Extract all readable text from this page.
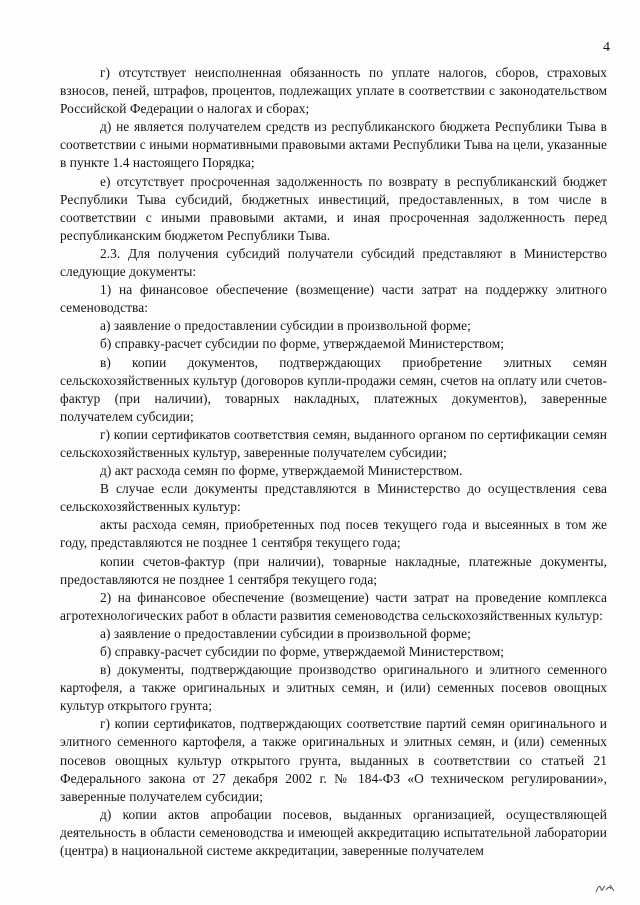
4

г) отсутствует неисполненная обязанность по уплате налогов, сборов, страховых взносов, пеней, штрафов, процентов, подлежащих уплате в соответствии с законодательством Российской Федерации о налогах и сборах;

д) не является получателем средств из республиканского бюджета Республики Тыва в соответствии с иными нормативными правовыми актами Республики Тыва на цели, указанные в пункте 1.4 настоящего Порядка;

е) отсутствует просроченная задолженность по возврату в республиканский бюджет Республики Тыва субсидий, бюджетных инвестиций, предоставленных, в том числе в соответствии с иными правовыми актами, и иная просроченная задолженность перед республиканским бюджетом Республики Тыва.

2.3. Для получения субсидий получатели субсидий представляют в Министерство следующие документы:

1) на финансовое обеспечение (возмещение) части затрат на поддержку элитного семеноводства:

а) заявление о предоставлении субсидии в произвольной форме;

б) справку-расчет субсидии по форме, утверждаемой Министерством;

в) копии документов, подтверждающих приобретение элитных семян сельскохозяйственных культур (договоров купли-продажи семян, счетов на оплату или счетов-фактур (при наличии), товарных накладных, платежных документов), заверенные получателем субсидии;

г) копии сертификатов соответствия семян, выданного органом по сертификации семян сельскохозяйственных культур, заверенные получателем субсидии;

д) акт расхода семян по форме, утверждаемой Министерством.

В случае если документы представляются в Министерство до осуществления сева сельскохозяйственных культур:

акты расхода семян, приобретенных под посев текущего года и высеянных в том же году, представляются не позднее 1 сентября текущего года;

копии счетов-фактур (при наличии), товарные накладные, платежные документы, предоставляются не позднее 1 сентября текущего года;

2) на финансовое обеспечение (возмещение) части затрат на проведение комплекса агротехнологических работ в области развития семеноводства сельскохозяйственных культур:

а) заявление о предоставлении субсидии в произвольной форме;

б) справку-расчет субсидии по форме, утверждаемой Министерством;

в) документы, подтверждающие производство оригинального и элитного семенного картофеля, а также оригинальных и элитных семян, и (или) семенных посевов овощных культур открытого грунта;

г) копии сертификатов, подтверждающих соответствие партий семян оригинального и элитного семенного картофеля, а также оригинальных и элитных семян, и (или) семенных посевов овощных культур открытого грунта, выданных в соответствии со статьей 21 Федерального закона от 27 декабря 2002 г. № 184-ФЗ «О техническом регулировании», заверенные получателем субсидии;

д) копии актов апробации посевов, выданных организацией, осуществляющей деятельность в области семеноводства и имеющей аккредитацию испытательной лаборатории (центра) в национальной системе аккредитации, заверенные получателем
